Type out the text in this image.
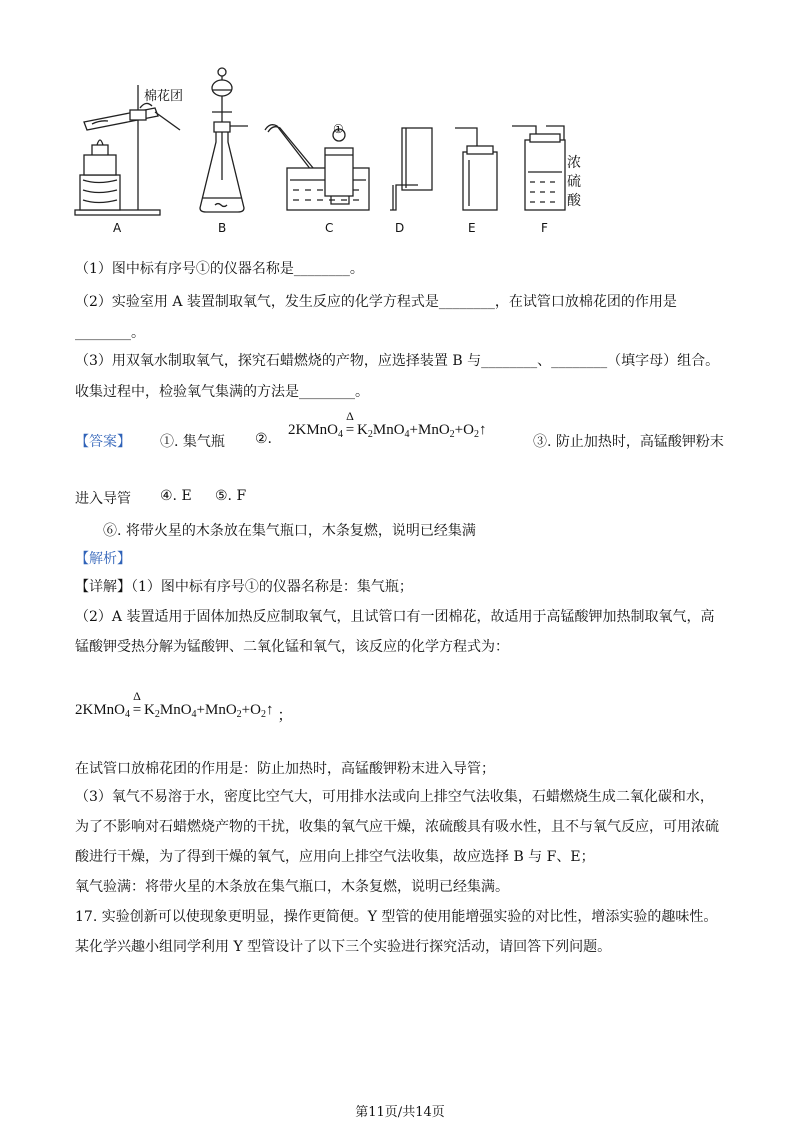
棉花团
①
浓
硫
酸
A	B	C	D	E	F
（1）图中标有序号①的仪器名称是________。
（2）实验室用 A 装置制取氧气，发生反应的化学方程式是________，在试管口放棉花团的作用是
________。
（3）用双氧水制取氧气，探究石蜡燃烧的产物，应选择装置 B 与________、________（填字母）组合。
收集过程中，检验氧气集满的方法是________。
【答案】 ①. 集气瓶 ②.
2KMnO$_4$
Δ
= $K_2MnO_4+MnO_2+O_2↑$
③. 防止加热时，高锰酸钾粉末
进入导管 ④. E ⑤. F
⑥. 将带火星的木条放在集气瓶口，木条复燃，说明已经集满
【解析】
【详解】（1）图中标有序号①的仪器名称是：集气瓶；
（2）A 装置适用于固体加热反应制取氧气，且试管口有一团棉花，故适用于高锰酸钾加热制取氧气，高
锰酸钾受热分解为锰酸钾、二氧化锰和氧气，该反应的化学方程式为：
2KMnO$_4$
Δ
= $K_2MnO_4+MnO_2+O_2↑$ ；
在试管口放棉花团的作用是：防止加热时，高锰酸钾粉末进入导管；
（3）氧气不易溶于水，密度比空气大，可用排水法或向上排空气法收集，石蜡燃烧生成二氧化碳和水，
为了不影响对石蜡燃烧产物的干扰，收集的氧气应干燥，浓硫酸具有吸水性，且不与氧气反应，可用浓硫
酸进行干燥，为了得到干燥的氧气，应用向上排空气法收集，故应选择 B 与 F、E；
氧气验满：将带火星的木条放在集气瓶口，木条复燃，说明已经集满。
17. 实验创新可以使现象更明显，操作更简便。Y 型管的使用能增强实验的对比性，增添实验的趣味性。
某化学兴趣小组同学利用 Y 型管设计了以下三个实验进行探究活动，请回答下列问题。
第11页/共14页
